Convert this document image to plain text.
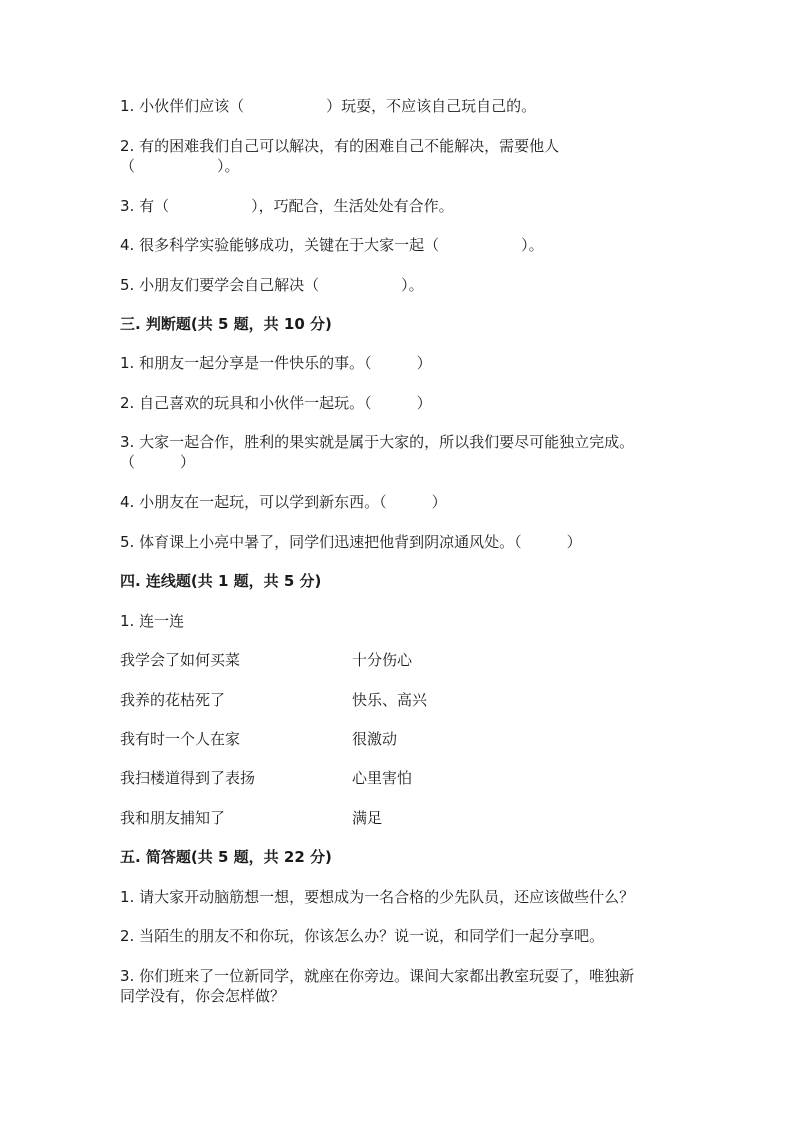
1. 小伙伴们应该（	）玩耍，不应该自己玩自己的。

2. 有的困难我们自己可以解决，有的困难自己不能解决，需要他人

（	）。

3. 有（	），巧配合，生活处处有合作。

4. 很多科学实验能够成功，关键在于大家一起（	）。

5. 小朋友们要学会自己解决（	）。

三. 判断题(共 5 题，共 10 分)

1. 和朋友一起分享是一件快乐的事。（	）

2. 自己喜欢的玩具和小伙伴一起玩。（	）

3. 大家一起合作，胜利的果实就是属于大家的，所以我们要尽可能独立完成。

（	）

4. 小朋友在一起玩，可以学到新东西。（	）

5. 体育课上小亮中暑了，同学们迅速把他背到阴凉通风处。（	）

四. 连线题(共 1 题，共 5 分)

1. 连一连

我学会了如何买菜	十分伤心
我养的花枯死了	快乐、高兴
我有时一个人在家	很激动
我扫楼道得到了表扬	心里害怕
我和朋友捕知了	满足

五. 简答题(共 5 题，共 22 分)

1. 请大家开动脑筋想一想，要想成为一名合格的少先队员，还应该做些什么？

2. 当陌生的朋友不和你玩，你该怎么办？说一说，和同学们一起分享吧。

3. 你们班来了一位新同学，就座在你旁边。课间大家都出教室玩耍了，唯独新

同学没有，你会怎样做？
